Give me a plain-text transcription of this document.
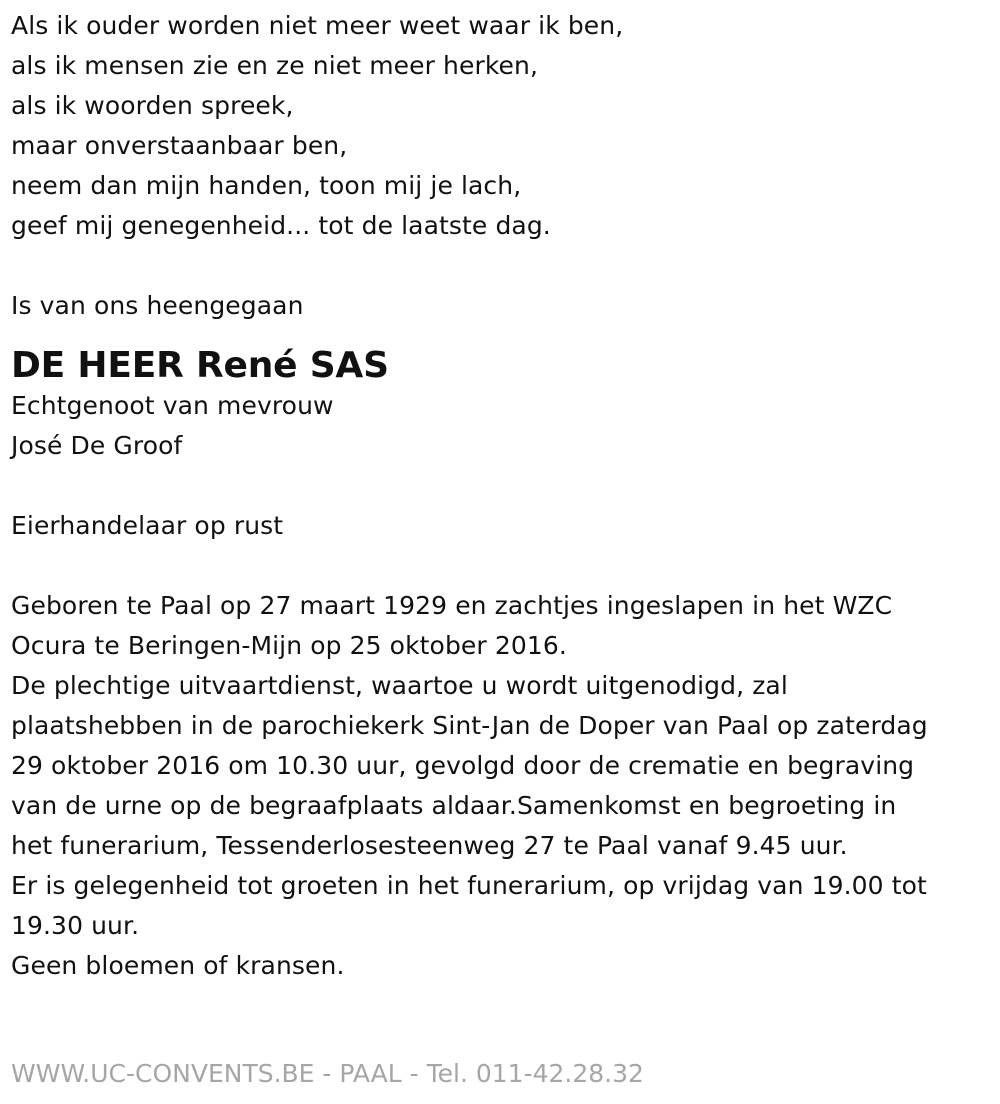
Als ik ouder worden niet meer weet waar ik ben,
als ik mensen zie en ze niet meer herken,
als ik woorden spreek,
maar onverstaanbaar ben,
neem dan mijn handen, toon mij je lach,
geef mij genegenheid... tot de laatste dag.
Is van ons heengegaan
DE HEER René SAS
Echtgenoot van mevrouw
José De Groof
Eierhandelaar op rust
Geboren te Paal op 27 maart 1929 en zachtjes ingeslapen in het WZC
Ocura te Beringen-Mijn op 25 oktober 2016.
De plechtige uitvaartdienst, waartoe u wordt uitgenodigd, zal
plaatshebben in de parochiekerk Sint-Jan de Doper van Paal op zaterdag
29 oktober 2016 om 10.30 uur, gevolgd door de crematie en begraving
van de urne op de begraafplaats aldaar.Samenkomst en begroeting in
het funerarium, Tessenderlosesteenweg 27 te Paal vanaf 9.45 uur.
Er is gelegenheid tot groeten in het funerarium, op vrijdag van 19.00 tot
19.30 uur.
Geen bloemen of kransen.
WWW.UC-CONVENTS.BE - PAAL - Tel. 011-42.28.32
